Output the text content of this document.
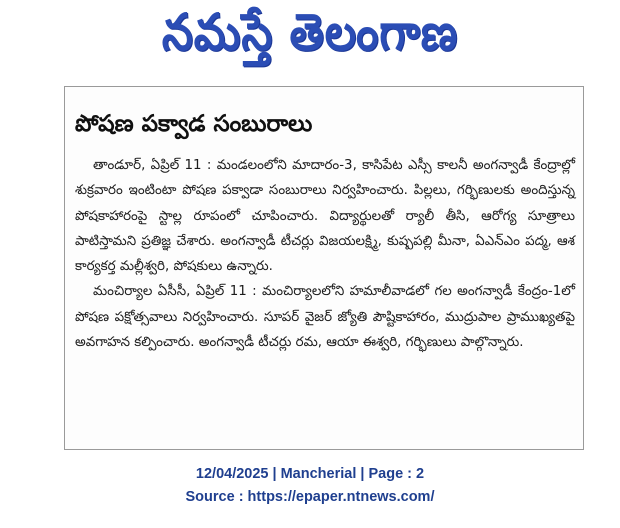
నమస్తే తెలంగాణ
పోషణ పక్వాడ సంబురాలు

తాండూర్, ఏప్రిల్ 11 : మండలంలోని మాదారం-3, కాసిపేట ఎస్సీ కాలనీ అంగన్వాడీ కేంద్రాల్లో శుక్రవారం ఇంటింటా పోషణ పక్వాడా సంబురాలు నిర్వహించారు. పిల్లలు, గర్భిణులకు అందిస్తున్న పోషకాహారంపై స్టాల్ల రూపంలో చూపించారు. విద్యార్థులతో ర్యాలీ తీసి, ఆరోగ్య సూత్రాలు పాటిస్తామని ప్రతిజ్ఞ చేశారు. అంగన్వాడీ టీచర్లు విజయలక్ష్మి, కుష్పపల్లి మీనా, ఏఎన్ఎం పద్మ, ఆశ కార్యకర్త మల్లీశ్వరి, పోషకులు ఉన్నారు.

మంచిర్యాల ఏసీసీ, ఏప్రిల్ 11 : మంచిర్యాలలోని హమాలీవాడలో గల అంగన్వాడీ కేంద్రం-1లో పోషణ పక్షోత్సవాలు నిర్వహించారు. సూపర్ వైజర్ జ్యోతి పౌష్టికాహారం, ముద్రుపాల ప్రాముఖ్యతపై అవగాహన కల్పించారు. అంగన్వాడీ టీచర్లు రమ, ఆయా ఈశ్వరి, గర్భిణులు పాల్గొన్నారు.

12/04/2025 | Mancherial | Page : 2
Source : https://epaper.ntnews.com/
